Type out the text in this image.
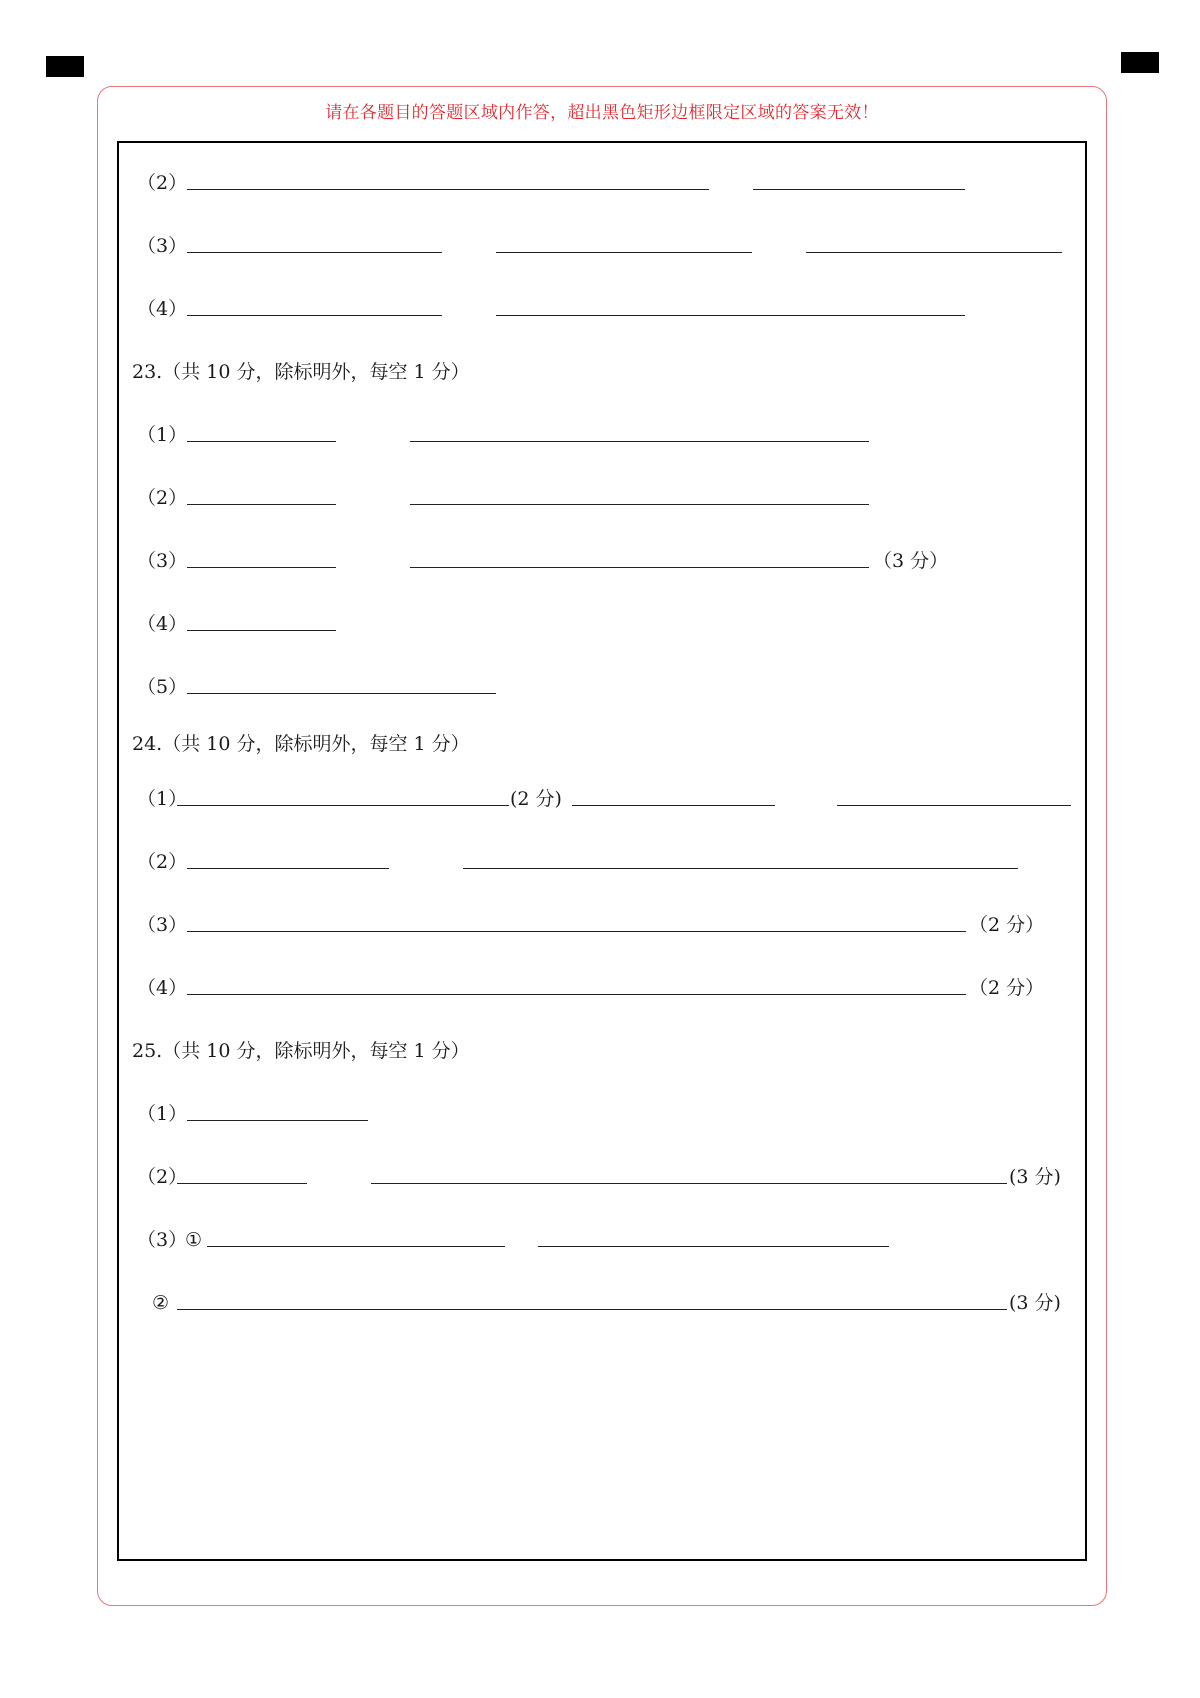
请在各题目的答题区域内作答，超出黑色矩形边框限定区域的答案无效！
（2）
（3）
（4）
23.（共 10 分，除标明外，每空 1 分）
（1）
（2）
（3）	（3 分）
（4）
（5）
24.（共 10 分，除标明外，每空 1 分）
（1）	(2 分)
（2）
（3）	（2 分）
（4）	（2 分）
25.（共 10 分，除标明外，每空 1 分）
（1）
（2）	(3 分)
（3）
①
②	(3 分)
